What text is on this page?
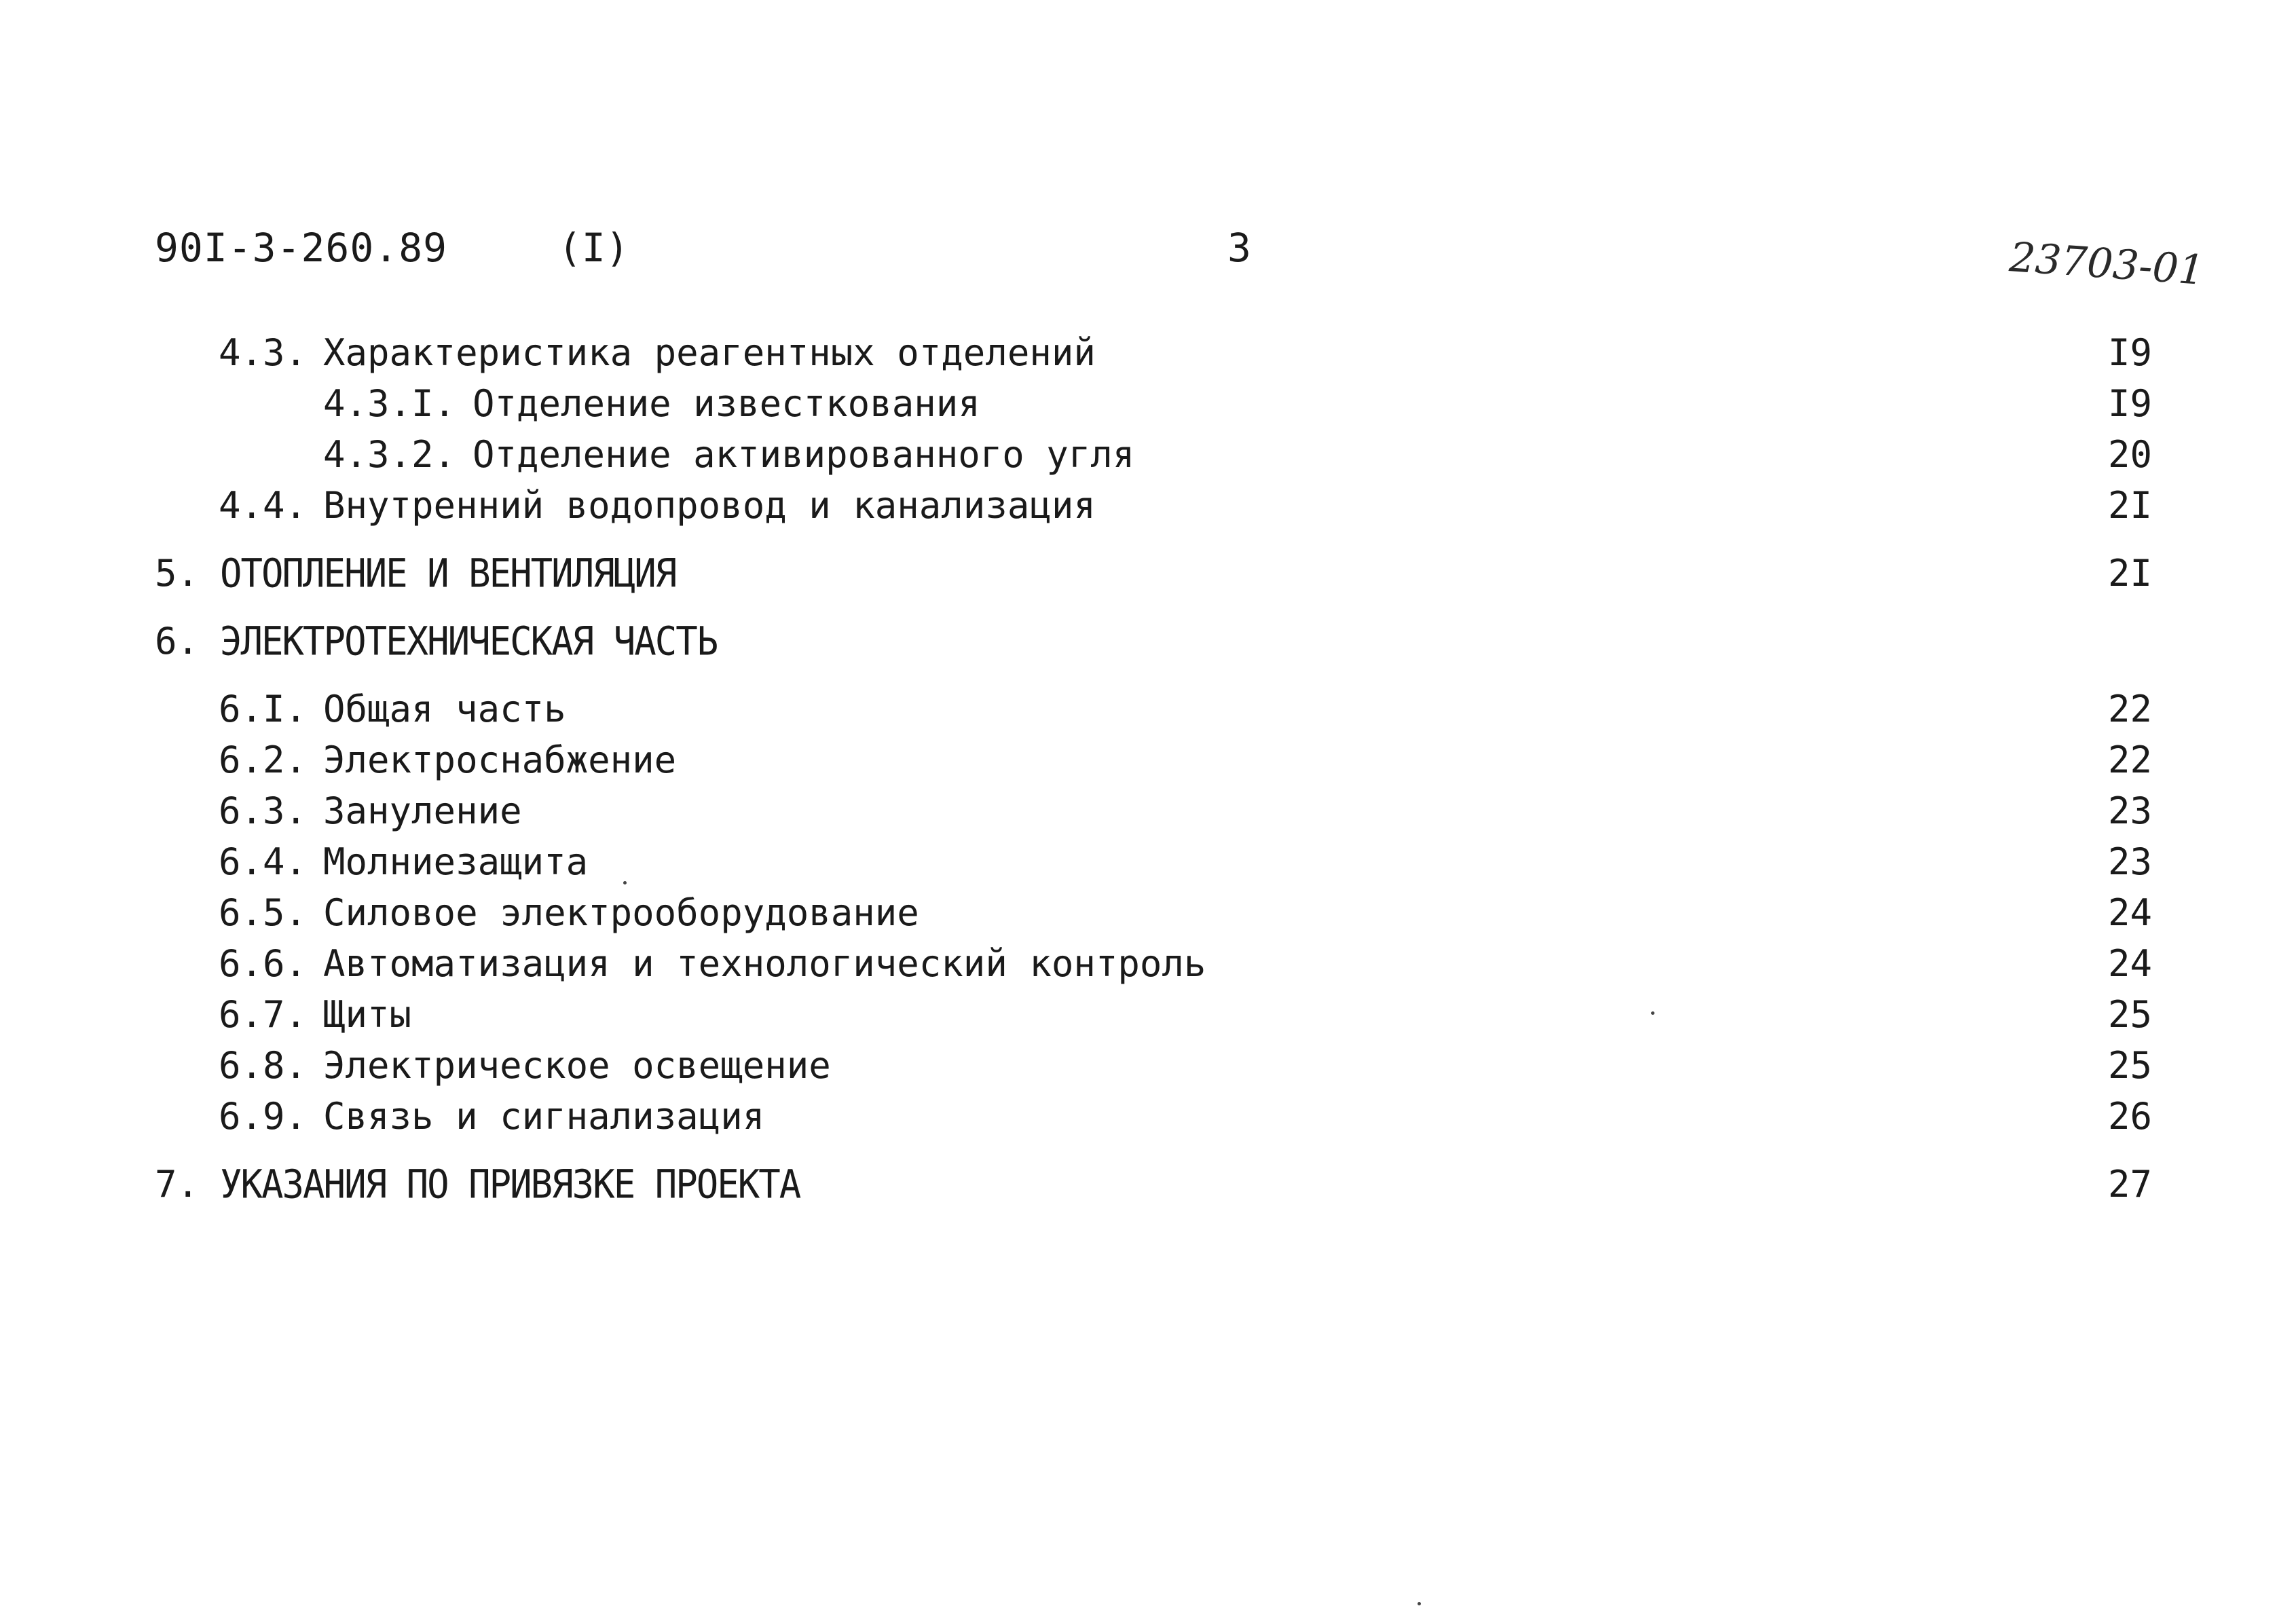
90I-3-260.89	(I)	3	23703-01
4.3. Характеристика реагентных отделений	I9
4.3.I. Отделение известкования	I9
4.3.2. Отделение активированного угля	20
4.4. Внутренний водопровод и канализация	2I
5. ОТОПЛЕНИЕ И ВЕНТИЛЯЦИЯ	2I
6. ЭЛЕКТРОТЕХНИЧЕСКАЯ ЧАСТЬ
6.I. Общая часть	22
6.2. Электроснабжение	22
6.3. Зануление	23
6.4. Молниезащита	23
6.5. Силовое электрооборудование	24
6.6. Автоматизация и технологический контроль	24
6.7. Щиты	25
6.8. Электрическое освещение	25
6.9. Связь и сигнализация	26
7. УКАЗАНИЯ ПО ПРИВЯЗКЕ ПРОЕКТА	27
